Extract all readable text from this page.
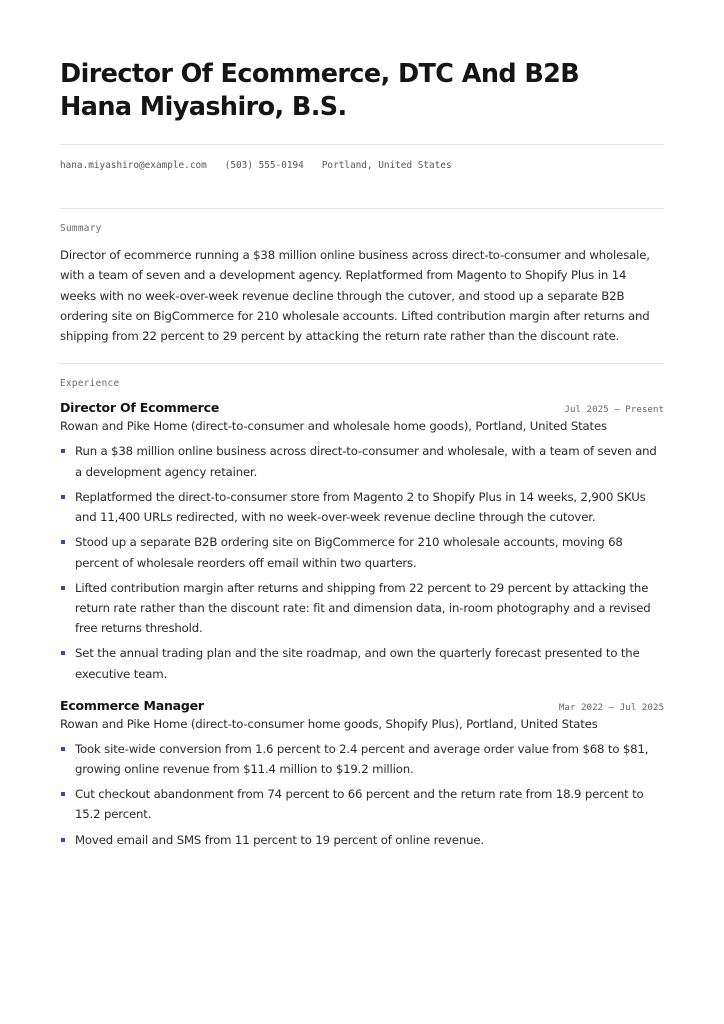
Director Of Ecommerce, DTC And B2B
Hana Miyashiro, B.S.
hana.miyashiro@example.com (503) 555-0194 Portland, United States
Summary
Director of ecommerce running a $38 million online business across direct-to-consumer and wholesale, with a team of seven and a development agency. Replatformed from Magento to Shopify Plus in 14 weeks with no week-over-week revenue decline through the cutover, and stood up a separate B2B ordering site on BigCommerce for 210 wholesale accounts. Lifted contribution margin after returns and shipping from 22 percent to 29 percent by attacking the return rate rather than the discount rate.
Experience
Director Of Ecommerce	Jul 2025 – Present
Rowan and Pike Home (direct-to-consumer and wholesale home goods), Portland, United States
Run a $38 million online business across direct-to-consumer and wholesale, with a team of seven and a development agency retainer.
Replatformed the direct-to-consumer store from Magento 2 to Shopify Plus in 14 weeks, 2,900 SKUs and 11,400 URLs redirected, with no week-over-week revenue decline through the cutover.
Stood up a separate B2B ordering site on BigCommerce for 210 wholesale accounts, moving 68 percent of wholesale reorders off email within two quarters.
Lifted contribution margin after returns and shipping from 22 percent to 29 percent by attacking the return rate rather than the discount rate: fit and dimension data, in-room photography and a revised free returns threshold.
Set the annual trading plan and the site roadmap, and own the quarterly forecast presented to the executive team.
Ecommerce Manager	Mar 2022 – Jul 2025
Rowan and Pike Home (direct-to-consumer home goods, Shopify Plus), Portland, United States
Took site-wide conversion from 1.6 percent to 2.4 percent and average order value from $68 to $81, growing online revenue from $11.4 million to $19.2 million.
Cut checkout abandonment from 74 percent to 66 percent and the return rate from 18.9 percent to 15.2 percent.
Moved email and SMS from 11 percent to 19 percent of online revenue.
